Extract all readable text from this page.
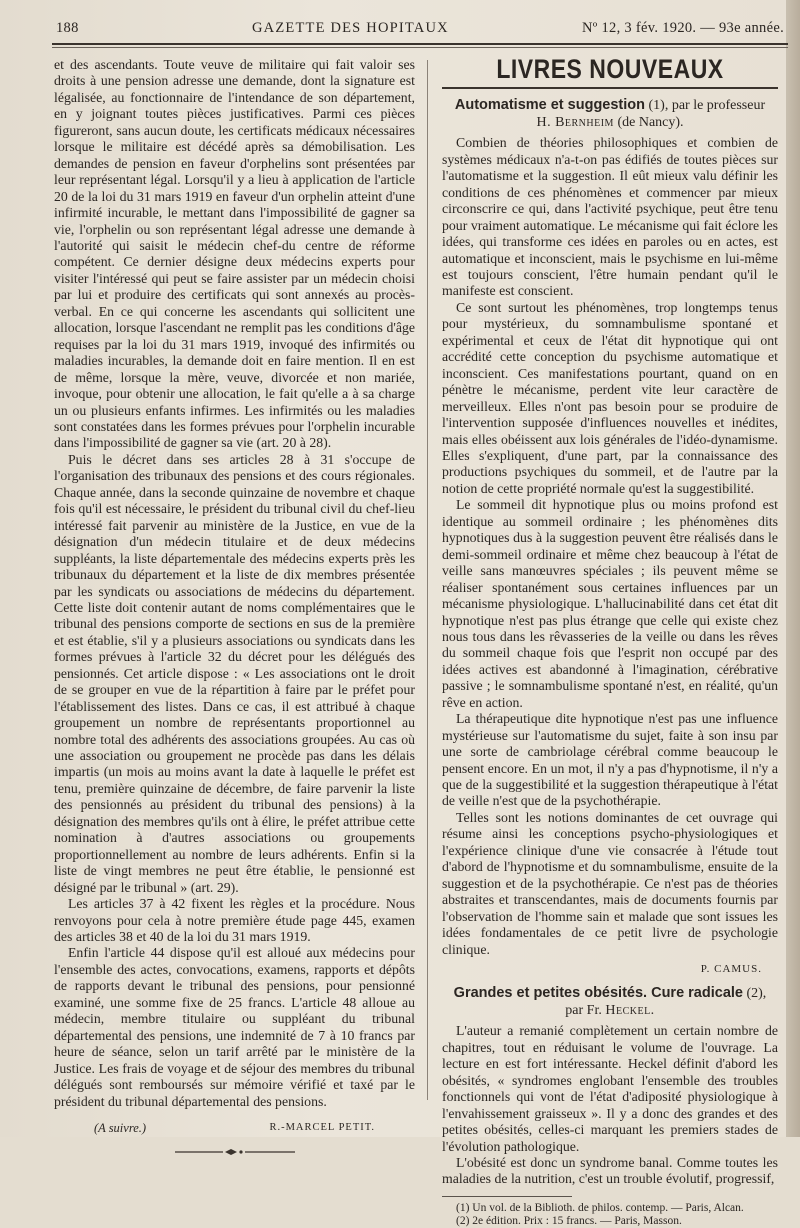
188	GAZETTE DES HOPITAUX	Nº 12, 3 fév. 1920. — 93e année.

et des ascendants. Toute veuve de militaire qui fait valoir ses droits à une pension adresse une demande, dont la signature est légalisée, au fonctionnaire de l'intendance de son département, en y joignant toutes pièces justificatives. Parmi ces pièces figureront, sans aucun doute, les certificats médicaux nécessaires lorsque le militaire est décédé après sa démobilisation. Les demandes de pension en faveur d'orphelins sont présentées par leur représentant légal. Lorsqu'il y a lieu à application de l'article 20 de la loi du 31 mars 1919 en faveur d'un orphelin atteint d'une infirmité incurable, le mettant dans l'impossibilité de gagner sa vie, l'orphelin ou son représentant légal adresse une demande à l'autorité qui saisit le médecin chef-du centre de réforme compétent. Ce dernier désigne deux médecins experts pour visiter l'intéressé qui peut se faire assister par un médecin choisi par lui et produire des certificats qui sont annexés au procès-verbal. En ce qui concerne les ascendants qui sollicitent une allocation, lorsque l'ascendant ne remplit pas les conditions d'âge requises par la loi du 31 mars 1919, invoqué des infirmités ou maladies incurables, la demande doit en faire mention. Il en est de même, lorsque la mère, veuve, divorcée et non mariée, invoque, pour obtenir une allocation, le fait qu'elle a à sa charge un ou plusieurs enfants infirmes. Les infirmités ou les maladies sont constatées dans les formes prévues pour l'orphelin incurable dans l'impossibilité de gagner sa vie (art. 20 à 28).

Puis le décret dans ses articles 28 à 31 s'occupe de l'organisation des tribunaux des pensions et des cours régionales. Chaque année, dans la seconde quinzaine de novembre et chaque fois qu'il est nécessaire, le président du tribunal civil du chef-lieu intéressé fait parvenir au ministère de la Justice, en vue de la désignation d'un médecin titulaire et de deux médecins suppléants, la liste départementale des médecins experts près les tribunaux du département et la liste de dix membres présentée par les syndicats ou associations de médecins du département. Cette liste doit contenir autant de noms complémentaires que le tribunal des pensions comporte de sections en sus de la première et est établie, s'il y a plusieurs associations ou syndicats dans les formes prévues à l'article 32 du décret pour les délégués des pensionnés. Cet article dispose : « Les associations ont le droit de se grouper en vue de la répartition à faire par le préfet pour l'établissement des listes. Dans ce cas, il est attribué à chaque groupement un nombre de représentants proportionnel au nombre total des adhérents des associations groupées. Au cas où une association ou groupement ne procède pas dans les délais impartis (un mois au moins avant la date à laquelle le préfet est tenu, première quinzaine de décembre, de faire parvenir la liste des pensionnés au président du tribunal des pensions) à la désignation des membres qu'ils ont à élire, le préfet attribue cette nomination à d'autres associations ou groupements proportionnellement au nombre de leurs adhérents. Enfin si la liste de vingt membres ne peut être établie, le pensionné est désigné par le tribunal » (art. 29).

Les articles 37 à 42 fixent les règles et la procédure. Nous renvoyons pour cela à notre première étude page 445, examen des articles 38 et 40 de la loi du 31 mars 1919.

Enfin l'article 44 dispose qu'il est alloué aux médecins pour l'ensemble des actes, convocations, examens, rapports et dépôts de rapports devant le tribunal des pensions, pour pensionné examiné, une somme fixe de 25 francs. L'article 48 alloue au médecin, membre titulaire ou suppléant du tribunal départemental des pensions, une indemnité de 7 à 10 francs par heure de séance, selon un tarif arrêté par le ministère de la Justice. Les frais de voyage et de séjour des membres du tribunal délégués sont remboursés sur mémoire vérifié et taxé par le président du tribunal départemental des pensions.

(A suivre.)	R.-MARCEL PETIT.
LIVRES NOUVEAUX
Automatisme et suggestion (1), par le professeur
H. Bernheim (de Nancy).

Combien de théories philosophiques et combien de systèmes médicaux n'a-t-on pas édifiés de toutes pièces sur l'automatisme et la suggestion. Il eût mieux valu définir les conditions de ces phénomènes et commencer par mieux circonscrire ce qui, dans l'activité psychique, peut être tenu pour vraiment automatique. Le mécanisme qui fait éclore les idées, qui transforme ces idées en paroles ou en actes, est automatique et inconscient, mais le psychisme en lui-même est toujours conscient, l'être humain pendant qu'il le manifeste est conscient.

Ce sont surtout les phénomènes, trop longtemps tenus pour mystérieux, du somnambulisme spontané et expérimental et ceux de l'état dit hypnotique qui ont accrédité cette conception du psychisme automatique et inconscient. Ces manifestations pourtant, quand on en pénètre le mécanisme, perdent vite leur caractère de merveilleux. Elles n'ont pas besoin pour se produire de l'intervention supposée d'influences nouvelles et inédites, mais elles obéissent aux lois générales de l'idéo-dynamisme. Elles s'expliquent, d'une part, par la connaissance des productions psychiques du sommeil, et de l'autre par la notion de cette propriété normale qu'est la suggestibilité.

Le sommeil dit hypnotique plus ou moins profond est identique au sommeil ordinaire ; les phénomènes dits hypnotiques dus à la suggestion peuvent être réalisés dans le demi-sommeil ordinaire et même chez beaucoup à l'état de veille sans manœuvres spéciales ; ils peuvent même se réaliser spontanément sous certaines influences par un mécanisme physiologique. L'hallucinabilité dans cet état dit hypnotique n'est pas plus étrange que celle qui existe chez nous tous dans les rêvasseries de la veille ou dans les rêves du sommeil chaque fois que l'esprit non occupé par des idées actives est abandonné à l'imagination, cérébrative passive ; le somnambulisme spontané n'est, en réalité, qu'un rêve en action.

La thérapeutique dite hypnotique n'est pas une influence mystérieuse sur l'automatisme du sujet, faite à son insu par une sorte de cambriolage cérébral comme beaucoup le pensent encore. En un mot, il n'y a pas d'hypnotisme, il n'y a que de la suggestibilité et la suggestion thérapeutique à l'état de veille n'est que de la psychothérapie.

Telles sont les notions dominantes de cet ouvrage qui résume ainsi les conceptions psycho-physiologiques et l'expérience clinique d'une vie consacrée à l'étude tout d'abord de l'hypnotisme et du somnambulisme, ensuite de la suggestion et de la psychothérapie. Ce n'est pas de théories abstraites et transcendantes, mais de documents fournis par l'observation de l'homme sain et malade que sont issues les idées fondamentales de ce petit livre de psychologie clinique.

P. CAMUS.
Grandes et petites obésités. Cure radicale (2),
par Fr. Heckel.

L'auteur a remanié complètement un certain nombre de chapitres, tout en réduisant le volume de l'ouvrage. La lecture en est fort intéressante. Heckel définit d'abord les obésités, « syndromes englobant l'ensemble des troubles fonctionnels qui vont de l'état d'adiposité physiologique à l'envahissement graisseux ». Il y a donc des grandes et des petites obésités, celles-ci marquant les premiers stades de l'évolution pathologique.

L'obésité est donc un syndrome banal. Comme toutes les maladies de la nutrition, c'est un trouble évolutif, progressif,

(1) Un vol. de la Biblioth. de philos. contemp. — Paris, Alcan.

(2) 2e édition. Prix : 15 francs. — Paris, Masson.
